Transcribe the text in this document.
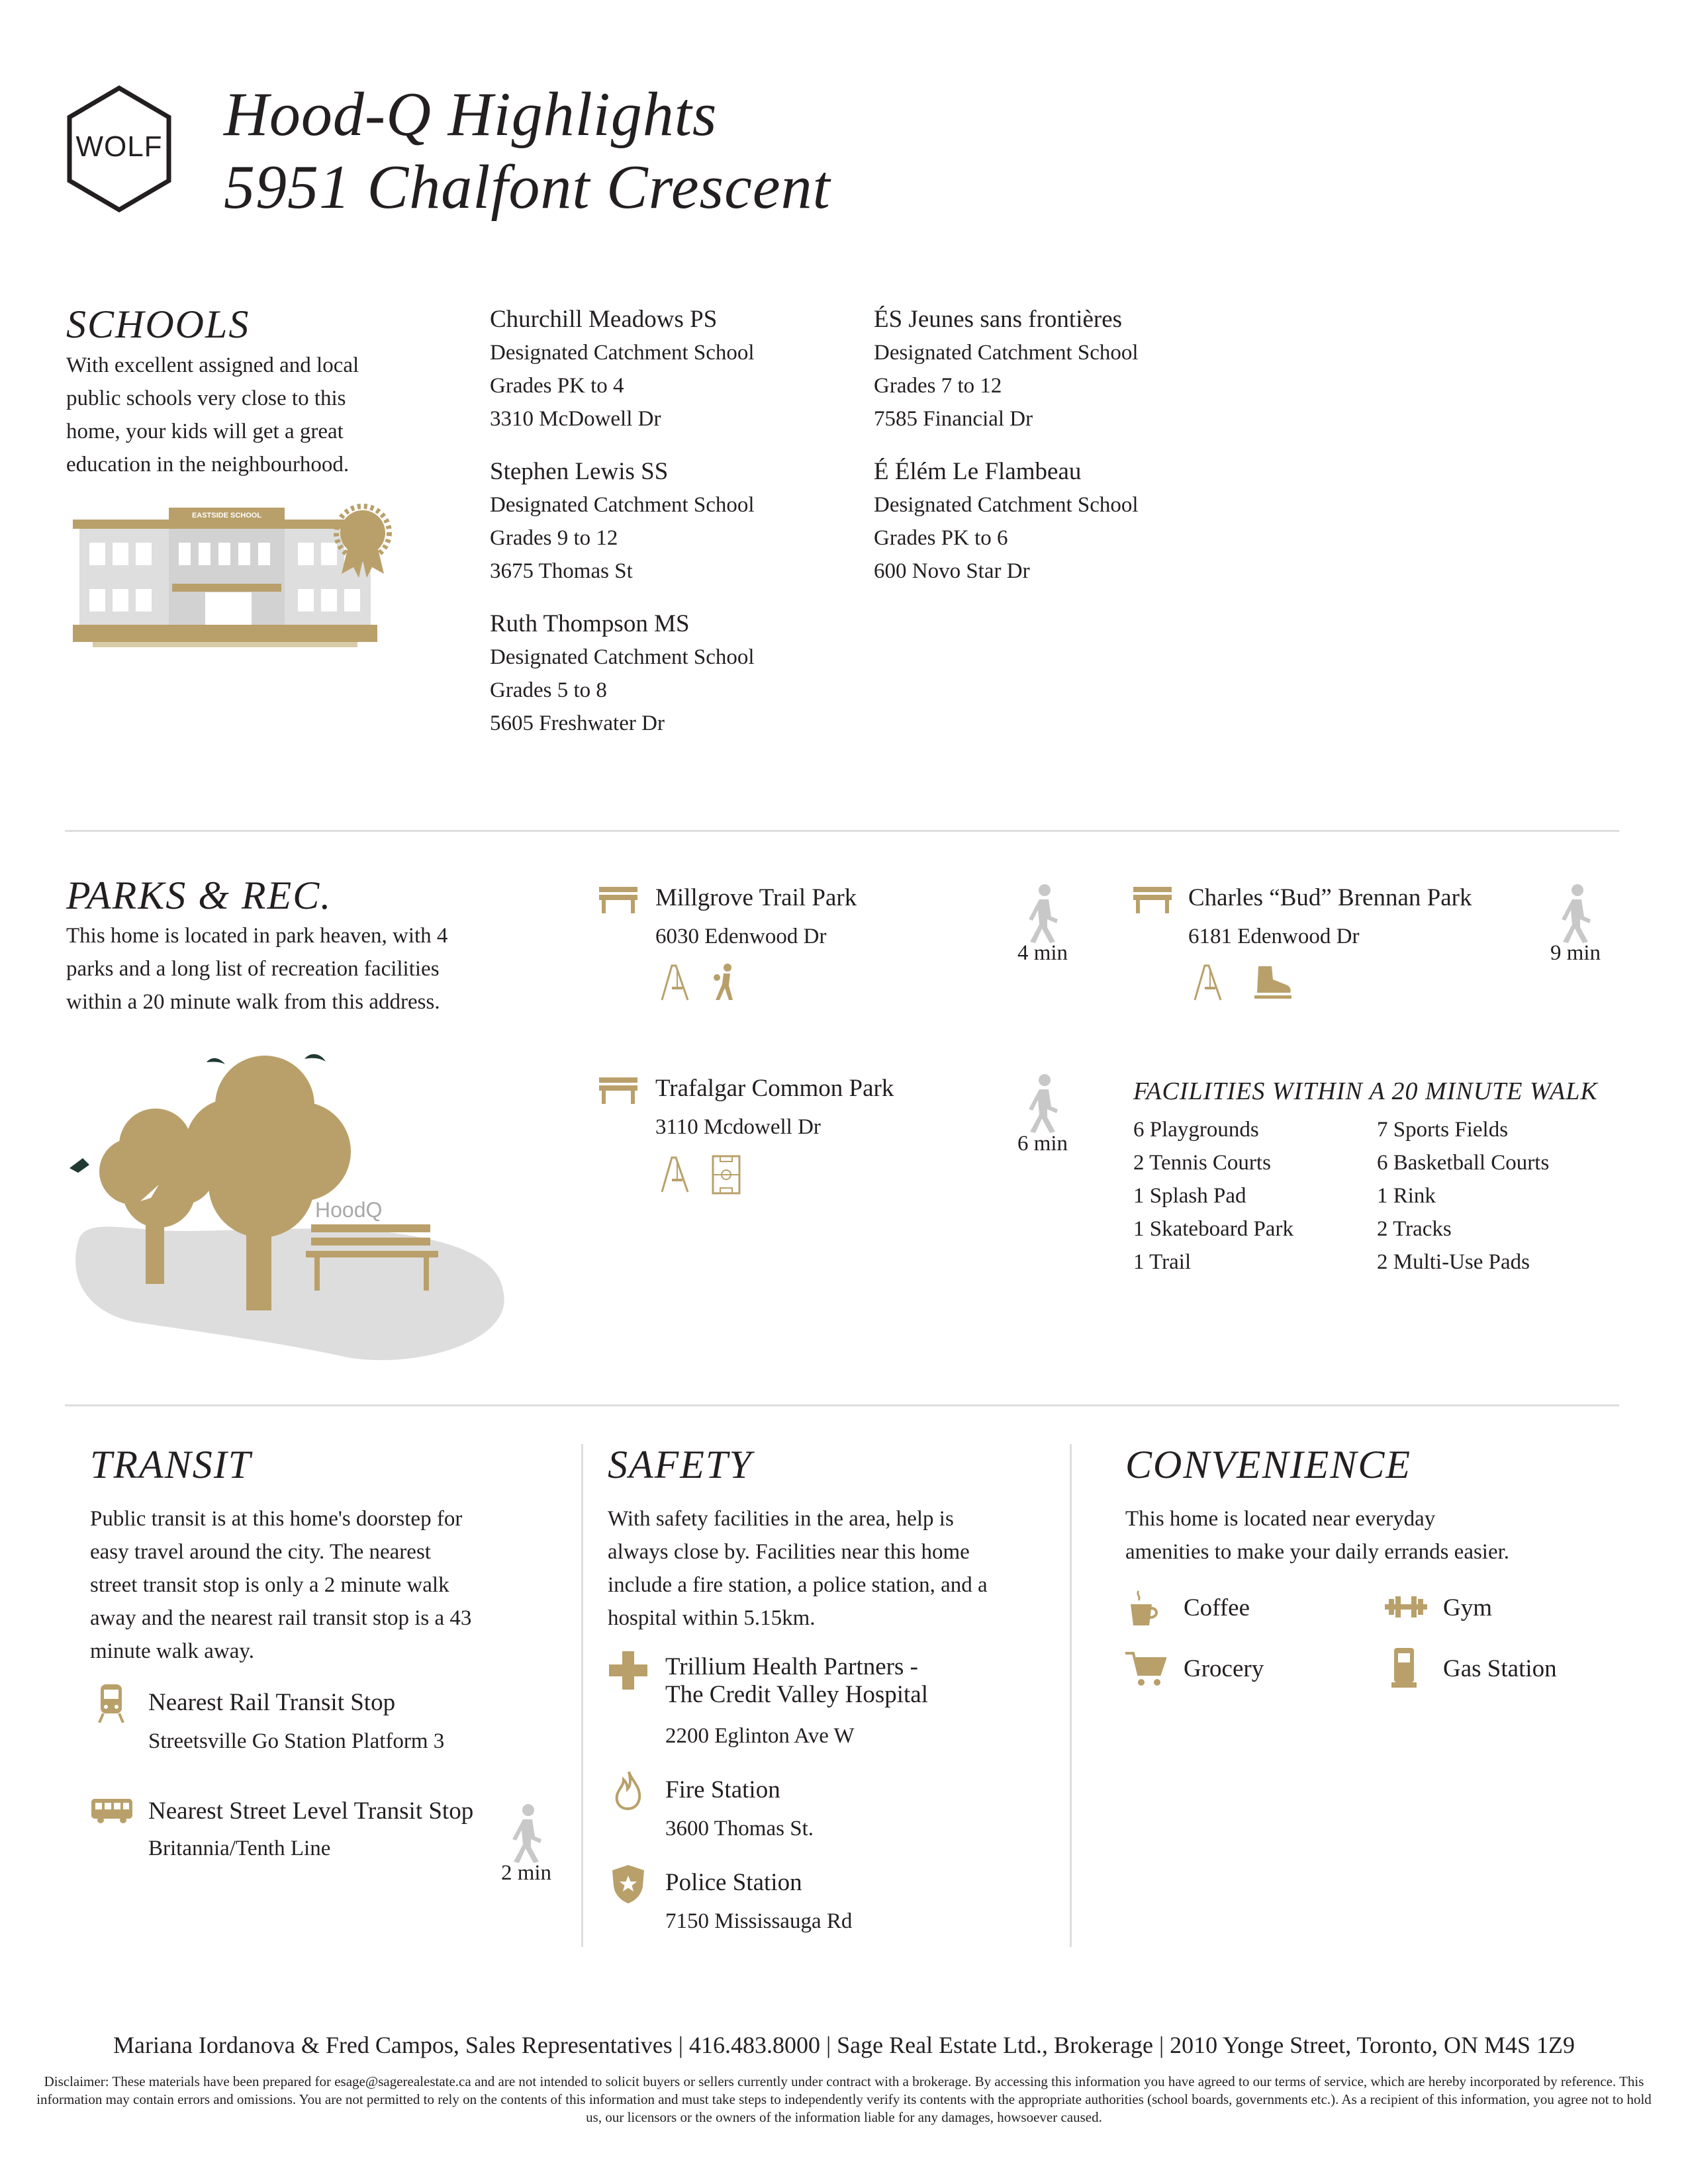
WOLF Hood-Q Highlights
5951 Chalfont Crescent
SCHOOLS
With excellent assigned and local
public schools very close to this
home, your kids will get a great
education in the neighbourhood.
EASTSIDE SCHOOL
Churchill Meadows PS
Designated Catchment School
Grades PK to 4
3310 McDowell Dr
Stephen Lewis SS
Designated Catchment School
Grades 9 to 12
3675 Thomas St
Ruth Thompson MS
Designated Catchment School
Grades 5 to 8
5605 Freshwater Dr
ÉS Jeunes sans frontières
Designated Catchment School
Grades 7 to 12
7585 Financial Dr
É Élém Le Flambeau
Designated Catchment School
Grades PK to 6
600 Novo Star Dr
PARKS & REC.
This home is located in park heaven, with 4
parks and a long list of recreation facilities
within a 20 minute walk from this address.
HoodQ
Millgrove Trail Park
6030 Edenwood Dr
4 min
Charles “Bud” Brennan Park
6181 Edenwood Dr
9 min
Trafalgar Common Park
3110 Mcdowell Dr
6 min
FACILITIES WITHIN A 20 MINUTE WALK
6 Playgrounds
2 Tennis Courts
1 Splash Pad
1 Skateboard Park
1 Trail
7 Sports Fields
6 Basketball Courts
1 Rink
2 Tracks
2 Multi-Use Pads
TRANSIT
Public transit is at this home's doorstep for
easy travel around the city. The nearest
street transit stop is only a 2 minute walk
away and the nearest rail transit stop is a 43
minute walk away.
Nearest Rail Transit Stop
Streetsville Go Station Platform 3
Nearest Street Level Transit Stop
Britannia/Tenth Line
2 min
SAFETY
With safety facilities in the area, help is
always close by. Facilities near this home
include a fire station, a police station, and a
hospital within 5.15km.
Trillium Health Partners -
The Credit Valley Hospital
2200 Eglinton Ave W
Fire Station
3600 Thomas St.
Police Station
7150 Mississauga Rd
CONVENIENCE
This home is located near everyday
amenities to make your daily errands easier.
Coffee	Gym
Grocery	Gas Station
Mariana Iordanova & Fred Campos, Sales Representatives | 416.483.8000 | Sage Real Estate Ltd., Brokerage | 2010 Yonge Street, Toronto, ON M4S 1Z9
Disclaimer: These materials have been prepared for esage@sagerealestate.ca and are not intended to solicit buyers or sellers currently under contract with a brokerage. By accessing this information you have agreed to our terms of service, which are hereby incorporated by reference. This information may contain errors and omissions. You are not permitted to rely on the contents of this information and must take steps to independently verify its contents with the appropriate authorities (school boards, governments etc.). As a recipient of this information, you agree not to hold us, our licensors or the owners of the information liable for any damages, howsoever caused.
